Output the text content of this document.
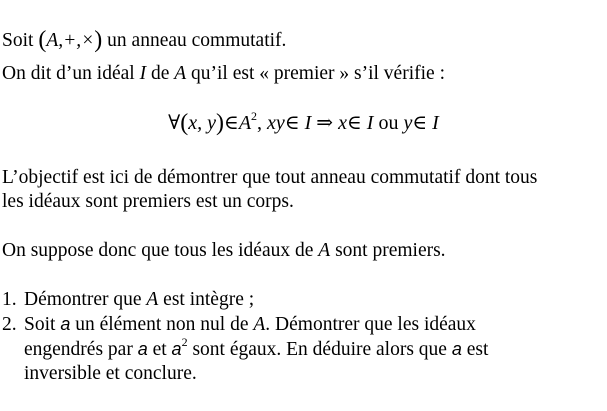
Soit (A,+,×) un anneau commutatif.
On dit d’un idéal I de A qu’il est « premier » s’il vérifie :
∀(x, $y)\in A^2$, xy∈ I ⇒ x∈ I ou y∈ I
L’objectif est ici de démontrer que tout anneau commutatif dont tous
les idéaux sont premiers est un corps.
On suppose donc que tous les idéaux de A sont premiers.
1. Démontrer que A est intègre ;
2. Soit a un élément non nul de A. Démontrer que les idéaux
engendrés par a et $a^2$ sont égaux. En déduire alors que a est
inversible et conclure.
